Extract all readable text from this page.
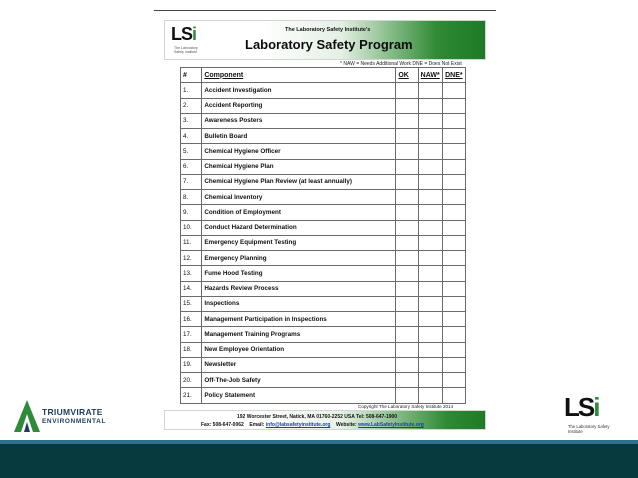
LSi
The Laboratory Safety Institute
The Laboratory Safety Institute's
Laboratory Safety Program
* NAW = Needs Additional Work DNE = Does Not Exist
#	Component	OK	NAW*	DNE*
1.	Accident Investigation			
2.	Accident Reporting			
3.	Awareness Posters			
4.	Bulletin Board			
5.	Chemical Hygiene Officer			
6.	Chemical Hygiene Plan			
7.	Chemical Hygiene Plan Review (at least annually)			
8.	Chemical Inventory			
9.	Condition of Employment			
10.	Conduct Hazard Determination			
11.	Emergency Equipment Testing			
12.	Emergency Planning			
13.	Fume Hood Testing			
14.	Hazards Review Process			
15.	Inspections			
16.	Management Participation in Inspections			
17.	Management Training Programs			
18.	New Employee Orientation			
19.	Newsletter			
20.	Off-The-Job Safety			
21.	Policy Statement			
Copyright The Laboratory Safety Institute 2014
192 Worcester Street, Natick, MA 01760-2252 USA Tel: 508-647-1900
Fax: 508-647-0062 Email: info@labsafetyinstitute.org Website: www.LabSafetyInstitute.org
TRIUMVIRATE
ENVIRONMENTAL	LSi
The Laboratory Safety Institute
